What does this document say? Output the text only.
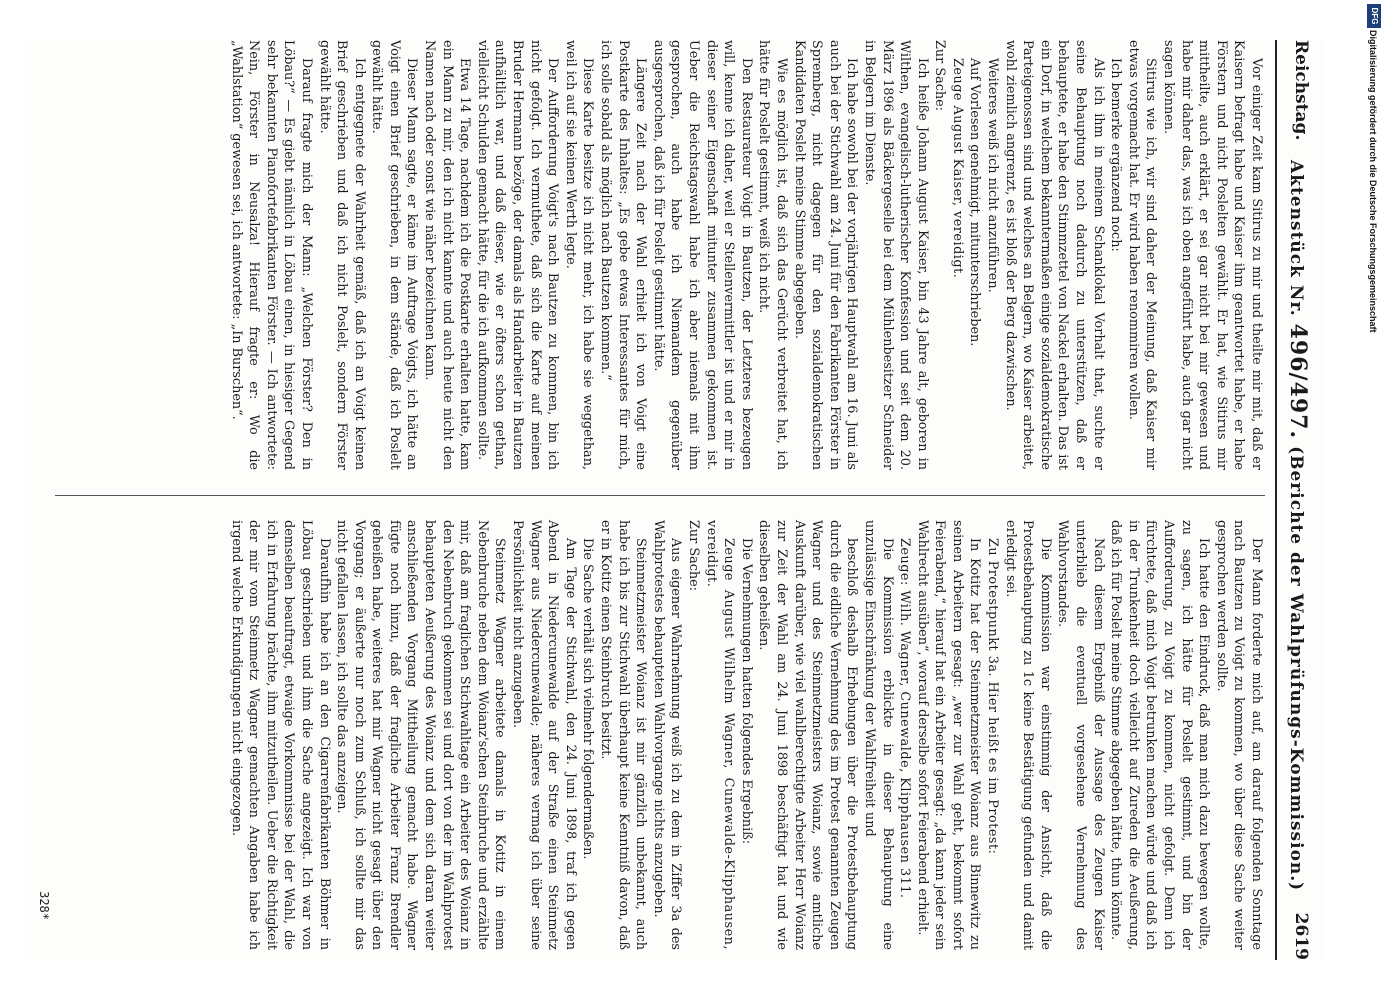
Reichstag.
Aktenstück Nr. 496/497. (Berichte der Wahlprüfungs-Kommission.)
2619

Vor einiger Zeit kam Sitirus zu mir und theilte mir mit, daß er Kaisern befragt habe und Kaiser ihm geantwortet habe, er habe Förstern und nicht Poslelten gewählt. Er hat, wie Sitirus mir mittheilte, auch erklärt, er sei gar nicht bei mir gewesen und habe mir daher das, was ich oben angeführt habe, auch gar nicht sagen können.

Sitirus wie ich, wir sind daher der Meinung, daß Kaiser mir etwas vorgemacht hat. Er wird haben renommiren wollen.

Ich bemerke ergänzend noch:

Als ich ihm in meinem Schanklokal Vorhalt that, suchte er seine Behauptung noch dadurch zu unterstützen, daß er behauptete, er habe den Stimmzettel von Nackel erhalten. Das ist ein Dorf, in welchem bekanntermaßen einige sozialdemokratische Parteigenossen sind und welches an Belgern, wo Kaiser arbeitet, wohl ziemlich angrenzt, es ist bloß der Berg dazwischen.

Weiteres weiß ich nicht anzuführen.

Auf Vorlesen genehmigt, mitunterschrieben.

Zeuge August Kaiser, vereidigt.

Zur Sache:

Ich heiße Johann August Kaiser, bin 43 Jahre alt, geboren in Wilthen, evangelisch-lutherischer Konfession und seit dem 20. März 1896 als Bäckergeselle bei dem Mühlenbesitzer Schneider in Belgern im Dienste.

Ich habe sowohl bei der vorjährigen Hauptwahl am 16. Juni als auch bei der Stichwahl am 24. Juni für den Fabrikanten Förster in Spremberg, nicht dagegen für den sozialdemokratischen Kandidaten Poslelt meine Stimme abgegeben.

Wie es möglich ist, daß sich das Gerücht verbreitet hat, ich hätte für Poslelt gestimmt, weiß ich nicht.

Den Restaurateur Voigt in Bautzen, der Letzteres bezeugen will, kenne ich daher, weil er Stellenvermittler ist und er mir in dieser seiner Eigenschaft mitunter zusammen gekommen ist. Ueber die Reichstagswahl habe ich aber niemals mit ihm gesprochen, auch habe ich Niemandem gegenüber ausgesprochen, daß ich für Poslelt gestimmt hätte.

Längere Zeit nach der Wahl erhielt ich von Voigt eine Postkarte des Inhaltes: „Es gebe etwas Interessantes für mich, ich solle sobald als möglich nach Bautzen kommen.“

Diese Karte besitze ich nicht mehr, ich habe sie weggethan, weil ich auf sie keinen Werth legte.

Der Aufforderung Voigt's nach Bautzen zu kommen, bin ich nicht gefolgt. Ich vermuthete, daß sich die Karte auf meinen Bruder Hermann bezöge, der damals als Handarbeiter in Bautzen aufhältlich war, und daß dieser, wie er öfters schon gethan, vielleicht Schulden gemacht hätte, für die ich aufkommen sollte.

Etwa 14 Tage, nachdem ich die Postkarte erhalten hatte, kam ein Mann zu mir, den ich nicht kannte und auch heute nicht den Namen nach oder sonst wie näher bezeichnen kann.

Dieser Mann sagte, er käme im Auftrage Voigts, ich hätte an Voigt einen Brief geschrieben, in dem stände, daß ich Poslelt gewählt hätte.

Ich entgegnete der Wahrheit gemäß, daß ich an Voigt keinen Brief geschrieben und daß ich nicht Poslelt, sondern Förster gewählt hätte.

Darauf fragte mich der Mann: „Welchen Förster? Den in Löbau?“ — Es giebt nämlich in Löbau einen, in hiesiger Gegend sehr bekannten Pianofortefabrikanten Förster. — Ich antwortete: Nein, Förster in Neusalza! Hierauf fragte er: Wo die „Wahlstation“ gewesen sei, ich antwortete: „In Burschen“.

Der Mann forderte mich auf, am darauf folgenden Sonntage nach Bautzen zu Voigt zu kommen, wo über diese Sache weiter gesprochen werden sollte.

Ich hatte den Eindruck, daß man mich dazu bewegen wollte, zu sagen, ich hätte für Poslelt gestimmt, und bin der Aufforderung, zu Voigt zu kommen, nicht gefolgt. Denn ich fürchtete, daß mich Voigt betrunken machen würde und daß ich in der Trunkenheit doch vielleicht auf Zureden die Aeußerung, daß ich für Poslelt meine Stimme abgegeben hätte, thun könnte.

Nach diesem Ergebniß der Aussage des Zeugen Kaiser unterblieb die eventuell vorgesehene Vernehmung des Wahlvorstandes.

Die Kommission war einstimmig der Ansicht, daß die Protestbehauptung zu 1c keine Bestätigung gefunden und damit erledigt sei.

Zu Protestpunkt 3a. Hier heißt es im Protest:

In Kotitz hat der Steinmetzmeister Woianz aus Binnewitz zu seinen Arbeitern gesagt: „wer zur Wahl geht, bekommt sofort Feierabend,“ hierauf hat ein Arbeiter gesagt: „da kann jeder sein Wahlrecht ausüben“, worauf derselbe sofort Feierabend erhielt.

Zeuge: Wilh. Wagner, Cunewalde, Klipphausen 311.

Die Kommission erblickte in dieser Behauptung eine unzulässige Einschränkung der Wahlfreiheit und

beschloß deshalb Erhebungen über die Protestbehauptung durch die eidliche Vernehmung des im Protest genannten Zeugen Wagner und des Steinmetzmeisters Woianz, sowie amtliche Auskunft darüber, wie viel wahlberechtigte Arbeiter Herr Woianz zur Zeit der Wahl am 24. Juni 1898 beschäftigt hat und wie dieselben geheißen.

Die Vernehmungen hatten folgendes Ergebniß:

Zeuge August Wilhelm Wagner, Cunewalde-Klipphausen, vereidigt.

Zur Sache:

Aus eigener Wahrnehmung weiß ich zu dem in Ziffer 3a des Wahlprotestes behaupteten Wahlvorgange nichts anzugeben.

Steinmetzmeister Woianz ist mir gänzlich unbekannt, auch habe ich bis zur Stichwahl überhaupt keine Kenntniß davon, daß er in Kotitz einen Steinbruch besitzt.

Die Sache verhält sich vielmehr folgendermaßen.

Am Tage der Stichwahl, den 24. Juni 1898, traf ich gegen Abend in Niedercunewalde auf der Straße einen Steinmetz Wagner aus Niedercunewalde; näheres vermag ich über seine Persönlichkeit nicht anzugeben.

Steinmetz Wagner arbeitete damals in Kotitz in einem Nebenbruche neben dem Woianz'schen Steinbruche und erzählte mir, daß am fraglichen Stichwahltage ein Arbeiter des Woianz in den Nebenbruch gekommen sei und dort von der im Wahlprotest behaupteten Aeußerung des Woianz und dem sich daran weiter anschließenden Vorgang Mittheilung gemacht habe. Wagner fügte noch hinzu, daß der fragliche Arbeiter Franz Brendler geheißen habe, weiteres hat mir Wagner nicht gesagt über den Vorgang; er äußerte nur noch zum Schluß, ich sollte mir das nicht gefallen lassen, ich sollte das anzeigen.

Daraufhin habe ich an den Cigarrenfabrikanten Böhmer in Löbau geschrieben und ihm die Sache angezeigt. Ich war von demselben beauftragt, etwaige Vorkommnisse bei der Wahl, die ich in Erfahrung brächte, ihm mitzutheilen. Ueber die Richtigkeit der mir vom Steinmetz Wagner gemachten Angaben habe ich irgend welche Erkundigungen nicht eingezogen.

328*
DFG
Digitalisierung gefördert durch die Deutsche Forschungsgemeinschaft
